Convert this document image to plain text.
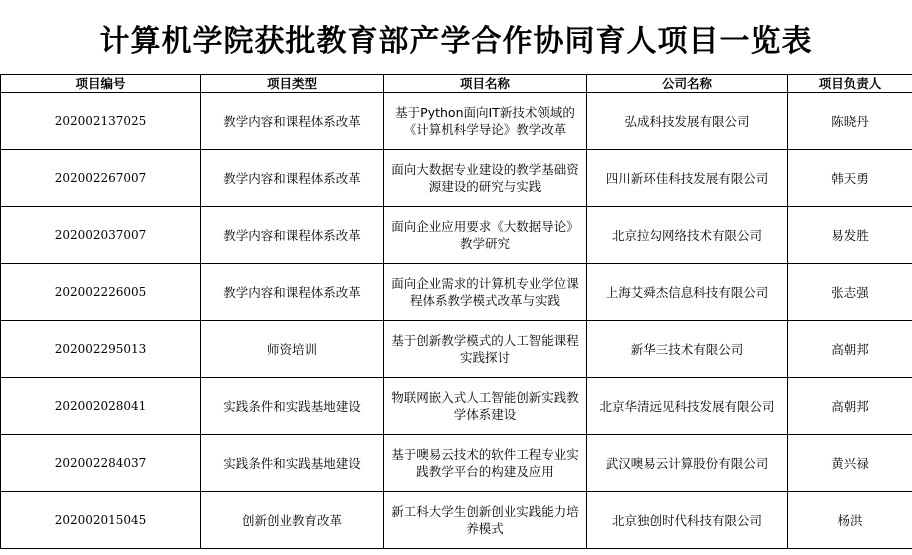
计算机学院获批教育部产学合作协同育人项目一览表
项目编号	项目类型	项目名称	公司名称	项目负责人
202002137025	教学内容和课程体系改革	基于Python面向IT新技术领域的《计算机科学导论》教学改革	弘成科技发展有限公司	陈晓丹
202002267007	教学内容和课程体系改革	面向大数据专业建设的教学基础资源建设的研究与实践	四川新环佳科技发展有限公司	韩天勇
202002037007	教学内容和课程体系改革	面向企业应用要求《大数据导论》教学研究	北京拉勾网络技术有限公司	易发胜
202002226005	教学内容和课程体系改革	面向企业需求的计算机专业学位课程体系教学模式改革与实践	上海艾舜杰信息科技有限公司	张志强
202002295013	师资培训	基于创新教学模式的人工智能课程实践探讨	新华三技术有限公司	高朝邦
202002028041	实践条件和实践基地建设	物联网嵌入式人工智能创新实践教学体系建设	北京华清远见科技发展有限公司	高朝邦
202002284037	实践条件和实践基地建设	基于噢易云技术的软件工程专业实践教学平台的构建及应用	武汉噢易云计算股份有限公司	黄兴禄
202002015045	创新创业教育改革	新工科大学生创新创业实践能力培养模式	北京独创时代科技有限公司	杨洪
